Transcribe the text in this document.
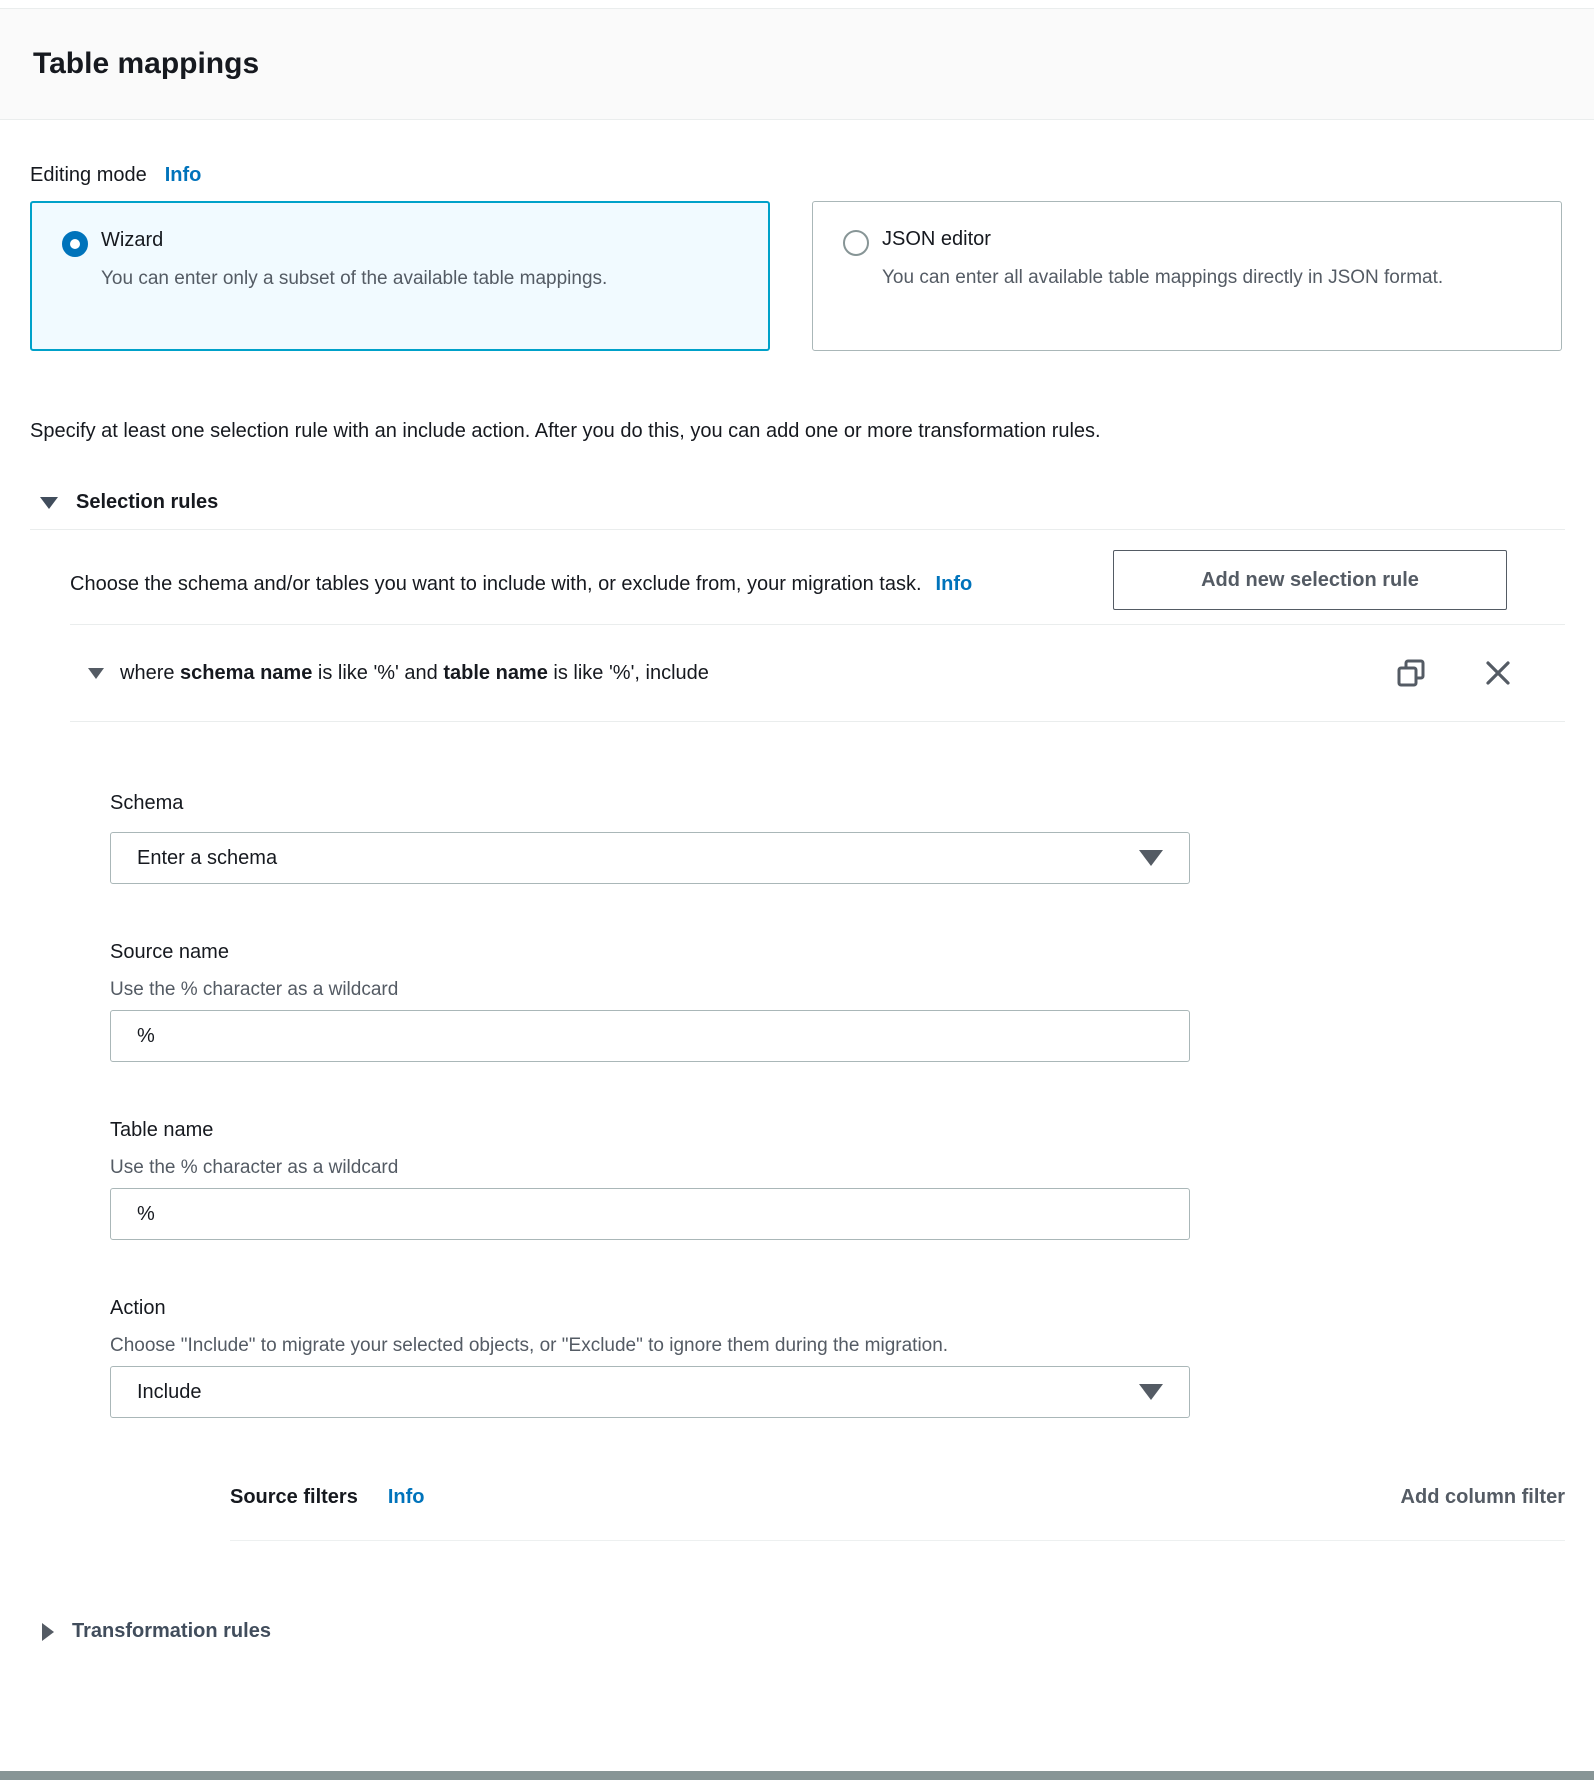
Table mappings
Editing mode Info
Wizard
You can enter only a subset of the available table mappings.
JSON editor
You can enter all available table mappings directly in JSON format.
Specify at least one selection rule with an include action. After you do this, you can add one or more transformation rules.
Selection rules
Choose the schema and/or tables you want to include with, or exclude from, your migration task. Info	Add new selection rule
where schema name is like '%' and table name is like '%', include
Schema
Enter a schema
Source name
Use the % character as a wildcard
%
Table name
Use the % character as a wildcard
%
Action
Choose "Include" to migrate your selected objects, or "Exclude" to ignore them during the migration.
Include
Source filters Info	Add column filter
Transformation rules
